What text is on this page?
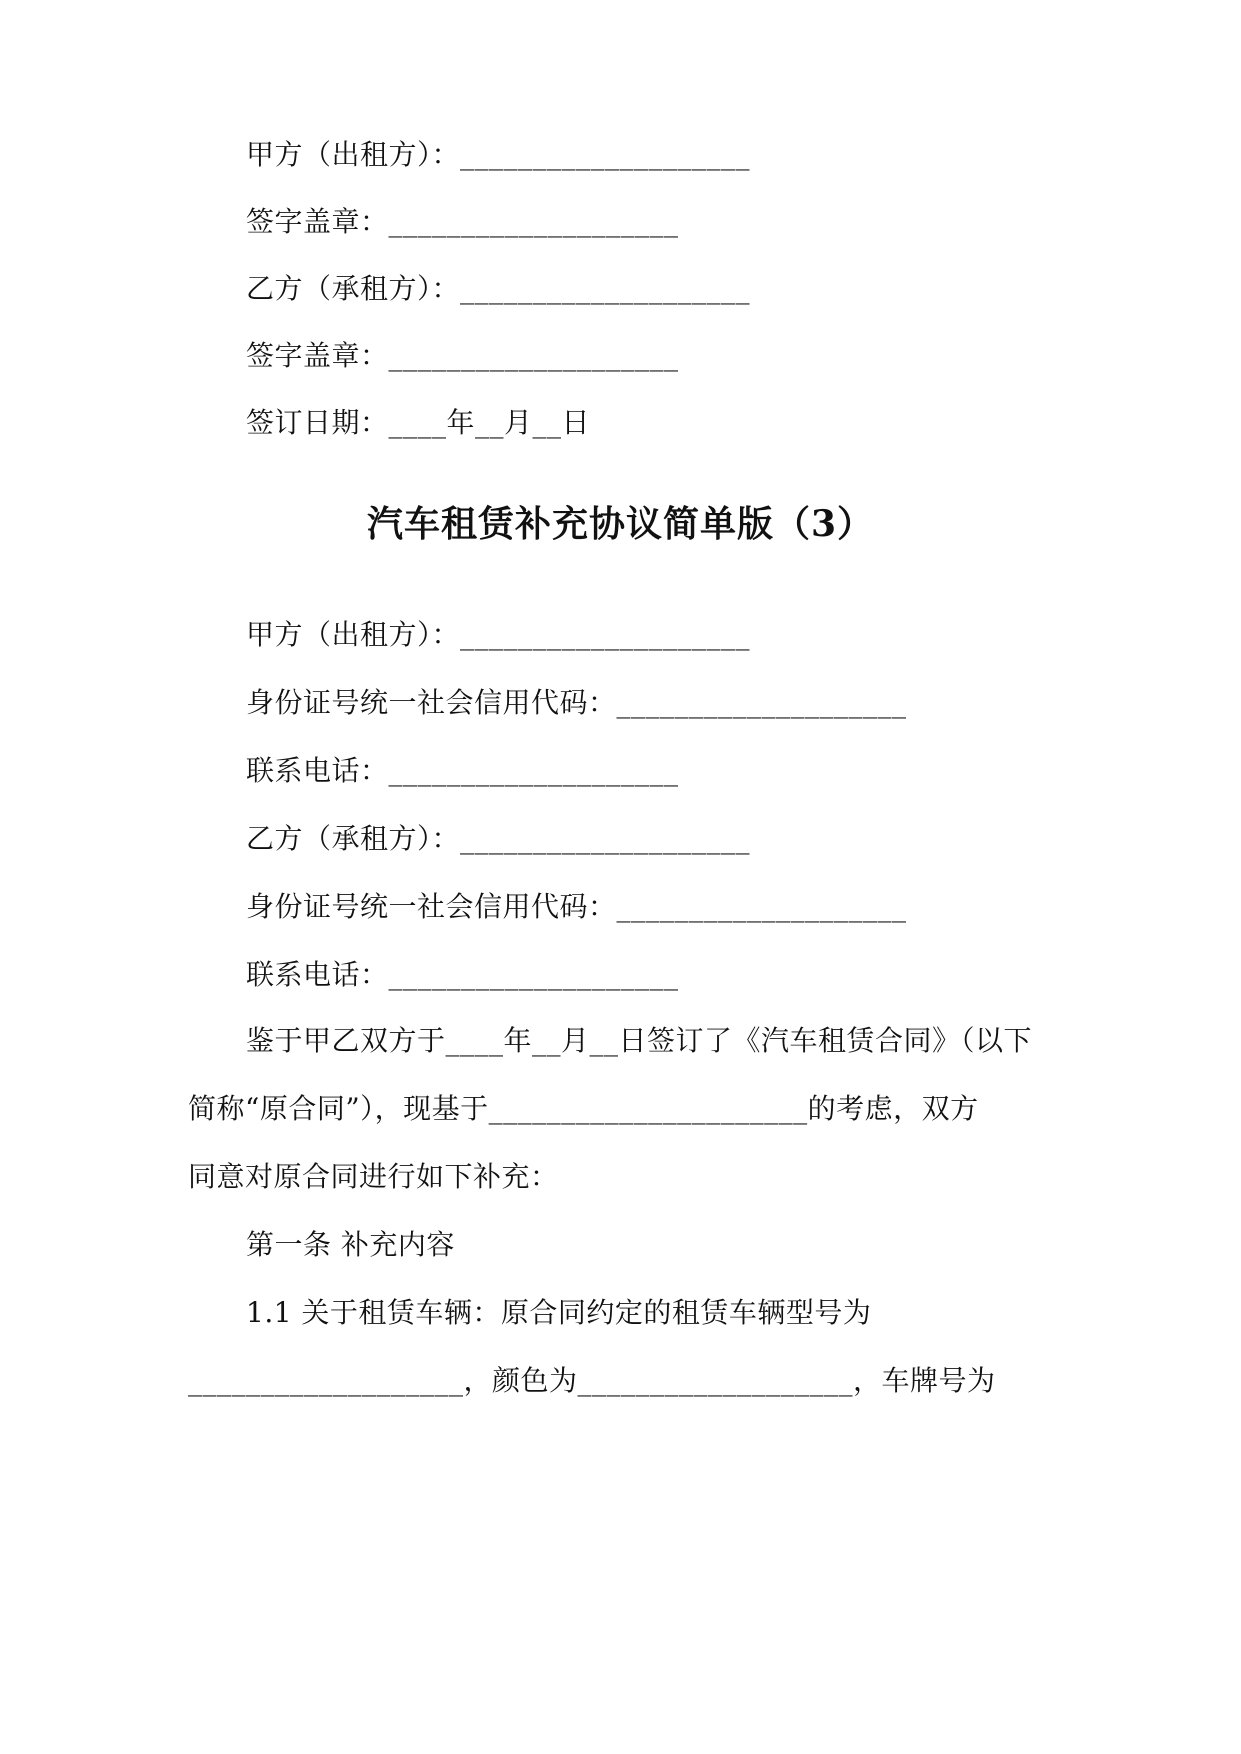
甲方（出租方）：____________________
签字盖章：____________________
乙方（承租方）：____________________
签字盖章：____________________
签订日期：____年__月__日
汽车租赁补充协议简单版（3）
甲方（出租方）：____________________
身份证号统一社会信用代码：____________________
联系电话：____________________
乙方（承租方）：____________________
身份证号统一社会信用代码：____________________
联系电话：____________________
鉴于甲乙双方于____年__月__日签订了《汽车租赁合同》（以下
简称“原合同”），现基于______________________的考虑，双方
同意对原合同进行如下补充：
第一条 补充内容
1.1 关于租赁车辆：原合同约定的租赁车辆型号为
___________________，颜色为___________________，车牌号为
